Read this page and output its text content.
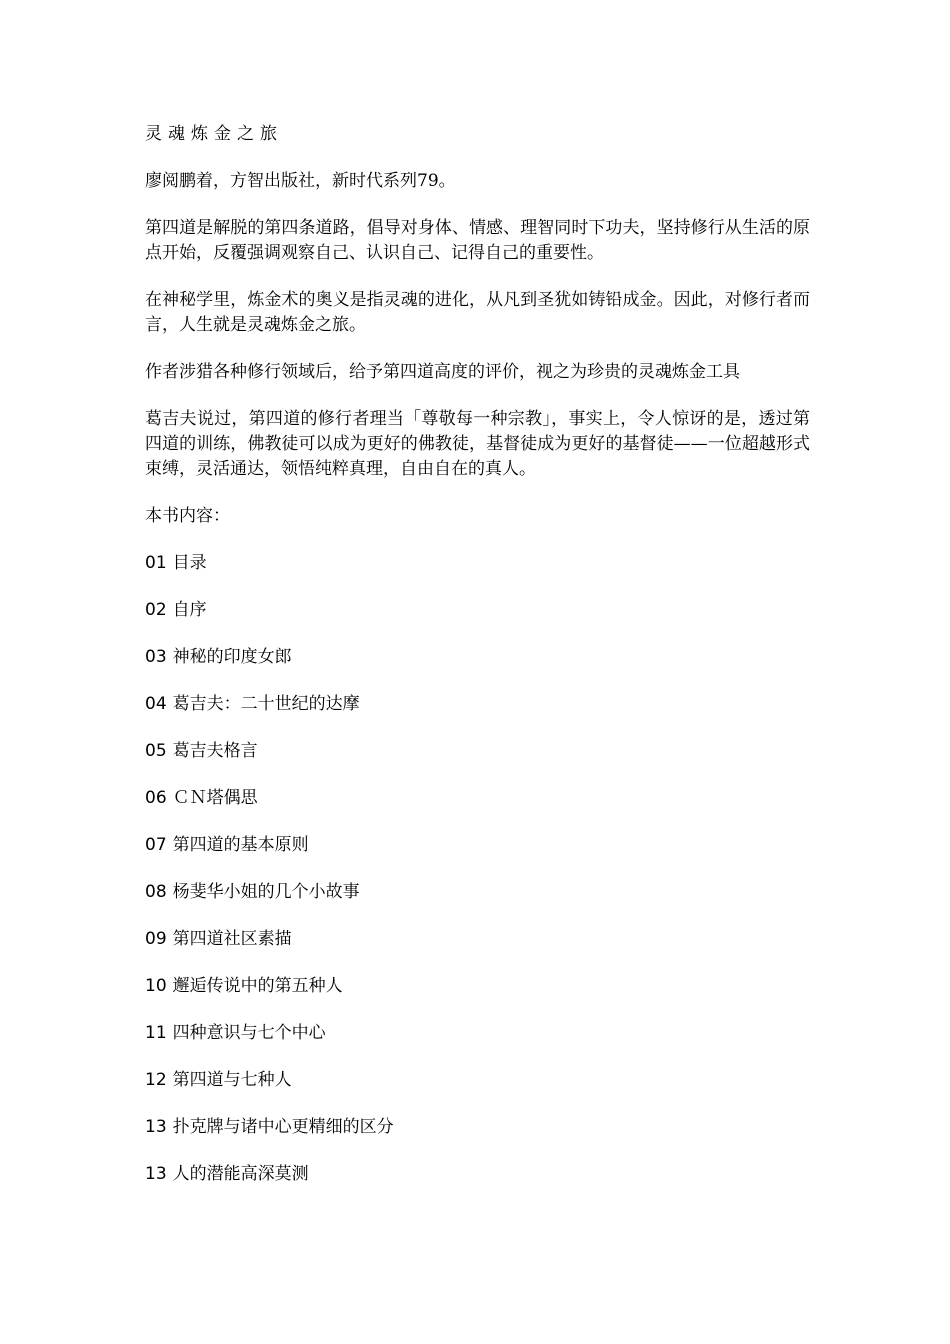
灵魂炼金之旅

廖阅鹏着，方智出版社，新时代系列79。

第四道是解脱的第四条道路，倡导对身体、情感、理智同时下功夫，坚持修行从生活的原点开始，反覆强调观察自己、认识自己、记得自己的重要性。

在神秘学里，炼金术的奥义是指灵魂的进化，从凡到圣犹如铸铅成金。因此，对修行者而言，人生就是灵魂炼金之旅。

作者涉猎各种修行领域后，给予第四道高度的评价，视之为珍贵的灵魂炼金工具

葛吉夫说过，第四道的修行者理当「尊敬每一种宗教」，事实上，令人惊讶的是，透过第四道的训练，佛教徒可以成为更好的佛教徒，基督徒成为更好的基督徒——一位超越形式束缚，灵活通达，领悟纯粹真理，自由自在的真人。

本书内容：

01 目录

02 自序

03 神秘的印度女郎

04 葛吉夫：二十世纪的达摩

05 葛吉夫格言

06 ＣＮ塔偶思

07 第四道的基本原则

08 杨斐华小姐的几个小故事

09 第四道社区素描

10 邂逅传说中的第五种人

11 四种意识与七个中心

12 第四道与七种人

13 扑克牌与诸中心更精细的区分

13 人的潜能高深莫测
